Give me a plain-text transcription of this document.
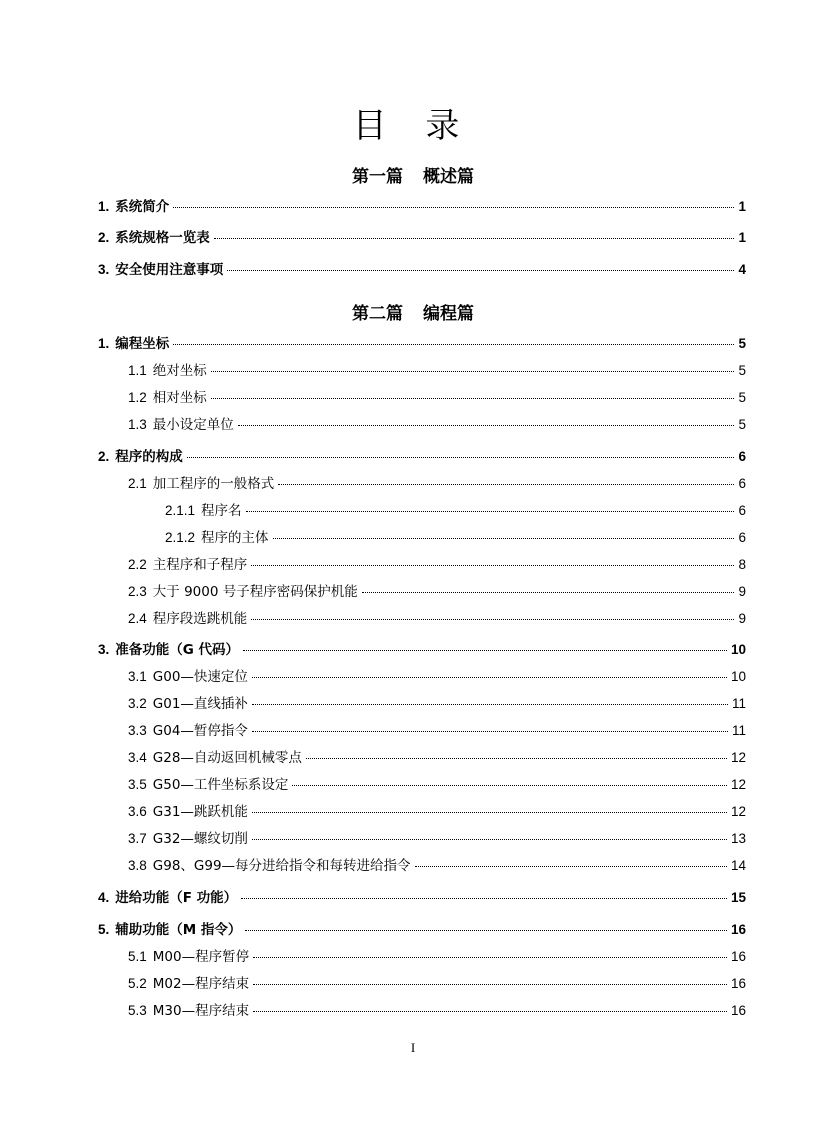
目 录
第一篇 概述篇
第二篇 编程篇
1. 系统简介	1
2. 系统规格一览表	1
3. 安全使用注意事项	4
1. 编程坐标	5
1.1 绝对坐标	5
1.2 相对坐标	5
1.3 最小设定单位	5
2. 程序的构成	6
2.1 加工程序的一般格式	6
2.1.1 程序名	6
2.1.2 程序的主体	6
2.2 主程序和子程序	8
2.3 大于 9000 号子程序密码保护机能	9
2.4 程序段选跳机能	9
3. 准备功能（G 代码）	10
3.1 G00—快速定位	10
3.2 G01—直线插补	11
3.3 G04—暂停指令	11
3.4 G28—自动返回机械零点	12
3.5 G50—工件坐标系设定	12
3.6 G31—跳跃机能	12
3.7 G32—螺纹切削	13
3.8 G98、G99—每分进给指令和每转进给指令	14
4. 进给功能（F 功能）	15
5. 辅助功能（M 指令）	16
5.1 M00—程序暂停	16
5.2 M02—程序结束	16
5.3 M30—程序结束	16
I
